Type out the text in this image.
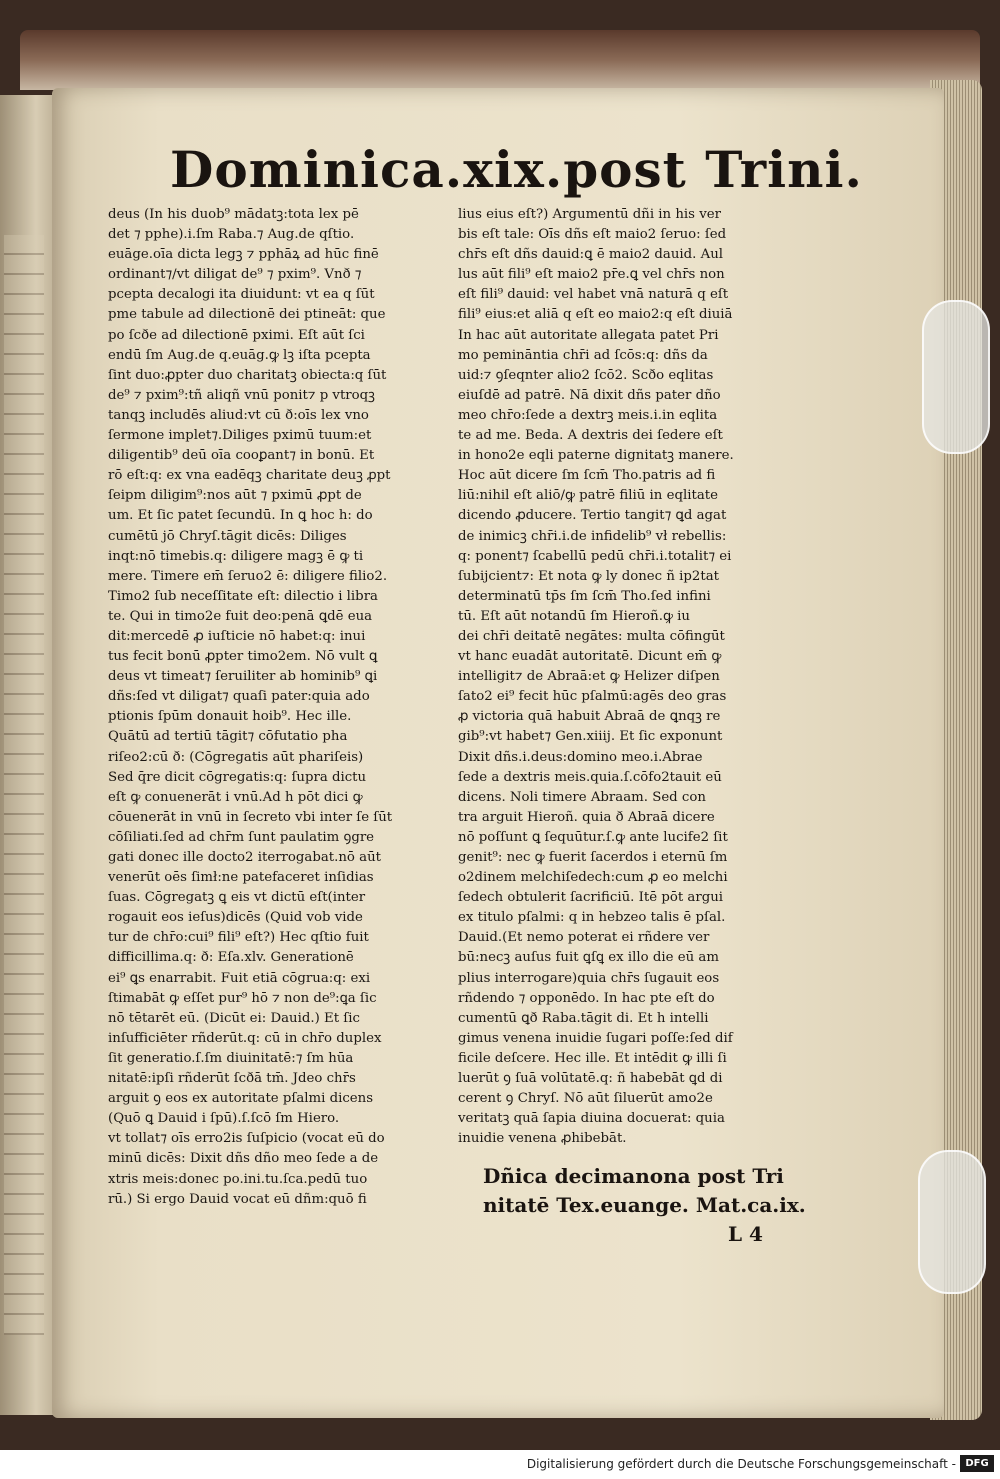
Dominica.xix.post Trini.
deus (In his duob⁹ mādatꝫ:tota lex pē
det ⁊ pphe).i.ſm Raba.⁊ Aug.de qſtio.
euāge.oīa dicta legꝫ ⁊ pphāꝝ ad hūc finē
ordinant⁊/vt diligat de⁹ ⁊ pxim⁹. Vnð ⁊
pcepta decalogi ita diuidunt: vt ea q ſūt
pme tabule ad dilectionē dei ptineāt: que
po ſcðe ad dilectionē pximi. Eſt aūt ſci
endū ſm Aug.de q.euāg.ꝙ lꝫ iſta pcepta
ſint duo:ꝓpter duo charitatꝫ obiecta:q ſūt
de⁹ ⁊ pxim⁹:tñ aliqñ vnū ponit⁊ p vtroqꝫ
tanqꝫ includēs aliud:vt cū ð:oīs lex vno
ſermone implet⁊.Diliges pximū tuum:et
diligentib⁹ deū oīa cooꝑant⁊ in bonū. Et
rō eſt:q: ex vna eadēqꝫ charitate deuꝫ ꝓpt
ſeipm diligim⁹:nos aūt ⁊ pximū ꝓpt de
um. Et ſic patet ſecundū. In ꝗ hoc h: do
cumētū jō Chryſ.tāgit dicēs: Diliges
inqt:nō timebis.q: diligere magꝫ ē ꝙ ti
mere. Timere em̄ ſeruo2 ē: diligere filio2.
Timo2 ſub neceſſitate eſt: dilectio i libra
te. Qui in timo2e fuit deo:penā ꝗdē eua
dit:mercedē ꝓ iuſticie nō habet:q: inui
tus fecit bonū ꝓpter timo2em. Nō vult ꝗ
deus vt timeat⁊ ſeruiliter ab hominib⁹ ꝗi
dñs:ſed vt diligat⁊ quaſi pater:quia ado
ptionis ſpūm donauit hoib⁹. Hec ille.
Quātū ad tertiū tāgit⁊ cōfutatio pha
riſeo2:cū ð: (Cōgregatis aūt phariſeis)
Sed q̄re dicit cōgregatis:q: ſupra dictu
eſt ꝙ conuenerāt i vnū.Ad h pōt dici ꝙ
cōuenerāt in vnū in ſecreto vbi inter ſe ſūt
cōſiliati.ſed ad chr̄m ſunt paulatim ꝯgre
gati donec ille docto2 iterrogabat.nō aūt
venerūt oēs ſimł:ne patefaceret inſidias
ſuas. Cōgregatꝫ ꝗ eis vt dictū eſt(inter
rogauit eos ieſus)dicēs (Quid vob vide
tur de chr̄o:cui⁹ fili⁹ eſt?) Hec qſtio fuit
difficillima.q: ð: Eſa.xlv. Generationē
ei⁹ ꝗs enarrabit. Fuit etiā cōgrua:q: exi
ſtimabāt ꝙ eſſet pur⁹ hō ⁊ non de⁹:ꝗa ſic
nō tētarēt eū. (Dicūt ei: Dauid.) Et ſic
inſufficiēter rñderūt.q: cū in chr̄o duplex
ſit generatio.ſ.ſm diuinitatē:⁊ ſm hūa
nitatē:ipſi rñderūt ſcðā tm̄. Jdeo chr̄s
arguit ꝯ eos ex autoritate pſalmi dicens
(Quō ꝗ Dauid i ſpū).ſ.ſcō ſm Hiero.
vt tollat⁊ oīs erro2is ſuſpicio (vocat eū do
minū dicēs: Dixit dñs dño meo ſede a de
xtris meis:donec po.ini.tu.ſca.pedū tuo
rū.) Si ergo Dauid vocat eū dñm:quō fi
lius eius eſt?) Argumentū dñi in his ver
bis eſt tale: Oīs dñs eſt maio2 ſeruo: ſed
chr̄s eſt dñs dauid:ꝗ ē maio2 dauid. Aul
lus aūt fili⁹ eſt maio2 pr̄e.ꝗ vel chr̄s non
eſt fili⁹ dauid: vel habet vnā naturā q eſt
fili⁹ eius:et aliā q eſt eo maio2:q eſt diuiā
In hac aūt autoritate allegata patet Pri
mo pemināntia chr̄i ad ſcōs:q: dñs da
uid:⁊ ꝯſeqnter alio2 ſcō2. Scðo eqlitas
eiuſdē ad patrē. Nā dixit dñs pater dño
meo chr̄o:ſede a dextrꝫ meis.i.in eqlita
te ad me. Beda. A dextris dei ſedere eſt
in hono2e eqli paterne dignitatꝫ manere.
Hoc aūt dicere ſm ſcm̄ Tho.patris ad fi
liū:nihil eſt aliō/ꝙ patrē filiū in eqlitate
dicendo ꝓducere. Tertio tangit⁊ ꝗd agat
de inimicꝫ chr̄i.i.de infidelib⁹ vł rebellis:
q: ponent⁊ ſcabellū pedū chr̄i.i.totalit⁊ ei
ſubijcient⁊: Et nota ꝙ ly donec ñ ip2tat
determinatū tp̄s ſm ſcm̄ Tho.ſed infini
tū. Eſt aūt notandū ſm Hieroñ.ꝙ iu
dei chr̄i deitatē negātes: multa cōfingūt
vt hanc euadāt autoritatē. Dicunt em̄ ꝙ
intelligit⁊ de Abraā:et ꝙ Helizer diſpen
ſato2 ei⁹ fecit hūc pſalmū:agēs deo gras
ꝓ victoria quā habuit Abraā de ꝗnqꝫ re
gib⁹:vt habet⁊ Gen.xiiij. Et ſic exponunt
Dixit dñs.i.deus:domino meo.i.Abrae
ſede a dextris meis.quia.ſ.cōfo2tauit eū
dicens. Noli timere Abraam. Sed con
tra arguit Hieroñ. quia ð Abraā dicere
nō poſſunt ꝗ ſequūtur.ſ.ꝙ ante lucife2 ſit
genit⁹: nec ꝙ fuerit ſacerdos i eternū ſm
o2dinem melchiſedech:cum ꝓ eo melchi
ſedech obtulerit ſacrificiū. Itē pōt argui
ex titulo pſalmi: q in hebzeo talis ē pſal.
Dauid.(Et nemo poterat ei rñdere ver
bū:necꝫ auſus fuit ꝗſꝗ ex illo die eū am
plius interrogare)quia chr̄s ſugauit eos
rñdendo ⁊ opponēdo. In hac pte eſt do
cumentū ꝗð Raba.tāgit di. Et h intelli
gimus venena inuidie ſugari poſſe:ſed dif
ficile deſcere. Hec ille. Et intēdit ꝙ illi ſi
luerūt ꝯ ſuā volūtatē.q: ñ habebāt ꝗd di
cerent ꝯ Chryſ. Nō aūt ſiluerūt amo2e
veritatꝫ quā ſapia diuina docuerat: quia
inuidie venena ꝓhibebāt.
Dñica decimanona post Tri
nitatē Tex.euange. Mat.ca.ix.
L 4
Digitalisierung gefördert durch die Deutsche Forschungsgemeinschaft - DFG
